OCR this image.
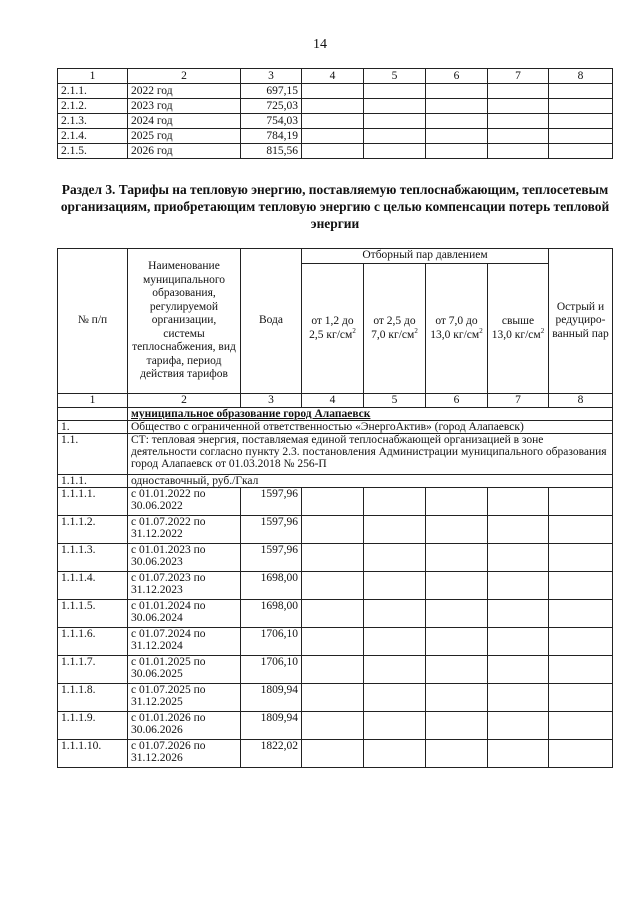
14
1	2	3	4	5	6	7	8
2.1.1.	2022 год	697,15					
2.1.2.	2023 год	725,03					
2.1.3.	2024 год	754,03					
2.1.4.	2025 год	784,19					
2.1.5.	2026 год	815,56					
Раздел 3. Тарифы на тепловую энергию, поставляемую теплоснабжающим, теплосетевым организациям, приобретающим тепловую энергию с целью компенсации потерь тепловой энергии
№ п/п	Наименование муниципального образования, регулируемой организации, системы теплоснабжения, вид тарифа, период действия тарифов	Вода	Отборный пар давлением				Острый и редуциро-ванный пар
			от 1,2 до 2,5 $кг/см^2$	от 2,5 до 7,0 $кг/см^2$	от 7,0 до 13,0 $кг/см^2$	свыше 13,0 $кг/см^2$
1	2	3	4	5	6	7	8
	муниципальное образование город Алапаевск						
1.	Общество с ограниченной ответственностью «ЭнергоАктив» (город Алапаевск)						
1.1.	СТ: тепловая энергия, поставляемая единой теплоснабжающей организацией в зоне деятельности согласно пункту 2.3. постановления Администрации муниципального образования город Алапаевск от 01.03.2018 № 256-П						
1.1.1.	одноставочный, руб./Гкал						
1.1.1.1.	с 01.01.2022 по 30.06.2022	1597,96					
1.1.1.2.	с 01.07.2022 по 31.12.2022	1597,96					
1.1.1.3.	с 01.01.2023 по 30.06.2023	1597,96					
1.1.1.4.	с 01.07.2023 по 31.12.2023	1698,00					
1.1.1.5.	с 01.01.2024 по 30.06.2024	1698,00					
1.1.1.6.	с 01.07.2024 по 31.12.2024	1706,10					
1.1.1.7.	с 01.01.2025 по 30.06.2025	1706,10					
1.1.1.8.	с 01.07.2025 по 31.12.2025	1809,94					
1.1.1.9.	с 01.01.2026 по 30.06.2026	1809,94					
1.1.1.10.	с 01.07.2026 по 31.12.2026	1822,02					
